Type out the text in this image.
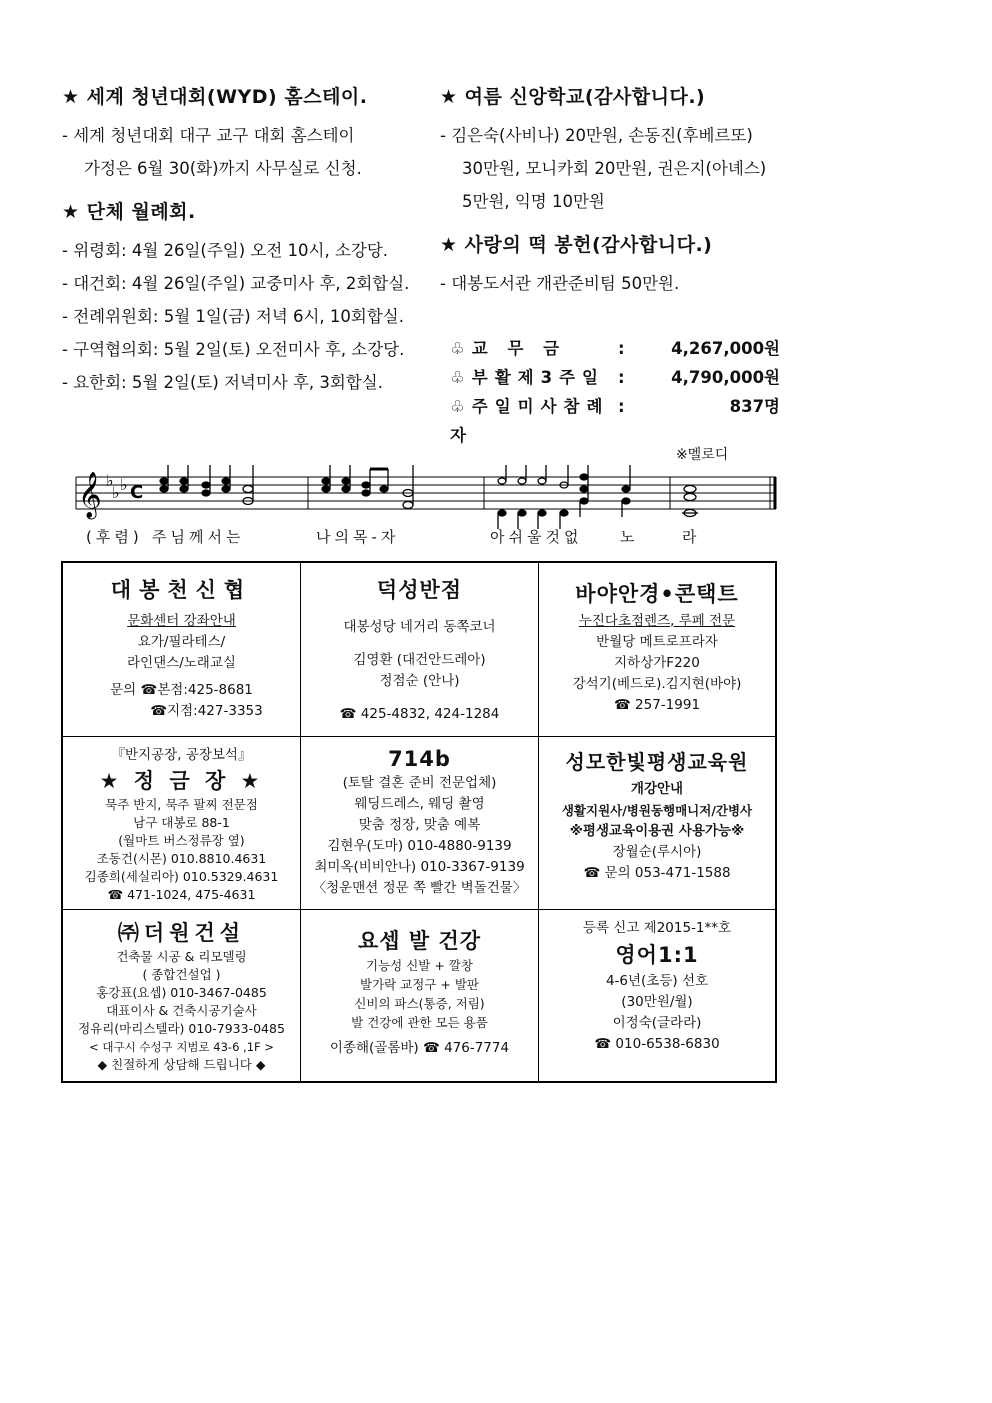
★ 세계 청년대회(WYD) 홈스테이.
- 세계 청년대회 대구 교구 대회 홈스테이
가정은 6월 30(화)까지 사무실로 신청.
★ 단체 월례회.
- 위령회: 4월 26일(주일) 오전 10시, 소강당.
- 대건회: 4월 26일(주일) 교중미사 후, 2회합실.
- 전례위원회: 5월 1일(금) 저녁 6시, 10회합실.
- 구역협의회: 5월 2일(토) 오전미사 후, 소강당.
- 요한회: 5월 2일(토) 저녁미사 후, 3회합실.
★ 여름 신앙학교(감사합니다.)
- 김은숙(사비나) 20만원, 손동진(후베르또)
30만원, 모니카회 20만원, 권은지(아녜스)
5만원, 익명 10만원
★ 사랑의 떡 봉헌(감사합니다.)
- 대봉도서관 개관준비팀 50만원.
♧교 무 금	:	4,267,000원
♧부활제3주일 :	4,790,000원
♧주일미사참례자
:	837명
※멜로디
𝄞 ♭
♭ ♭ C
(후렴) 주님께서는	나의목-자	아쉬울것없	노	라
대봉천신협
문화센터 강좌안내
요가/필라테스/
라인댄스/노래교실
문의 ☎본점:425-8681
☎지점:427-3353
덕성반점
대봉성당 네거리 동쪽코너
김영환 (대건안드레아)
정점순 (안나)
☎ 425-4832, 424-1284
바야안경•콘택트
누진다초점렌즈, 루페 전문
반월당 메트로프라자
지하상가F220
강석기(베드로).김지현(바야)
☎ 257-1991
『반지공장, 공장보석』
★ 정 금 장 ★
묵주 반지, 묵주 팔찌 전문점
남구 대봉로 88-1
(월마트 버스정류장 옆)
조동건(시몬) 010.8810.4631
김종희(세실리아) 010.5329.4631
☎ 471-1024, 475-4631
714b
(토탈 결혼 준비 전문업체)
웨딩드레스, 웨딩 촬영
맞춤 정장, 맞춤 예복
김현우(도마) 010-4880-9139
최미옥(비비안나) 010-3367-9139
〈청운맨션 정문 쪽 빨간 벽돌건물〉
성모한빛평생교육원
개강안내
생활지원사/병원동행매니저/간병사
※평생교육이용권 사용가능※
장월순(루시아)
☎ 문의 053-471-1588
㈜더원건설
건축물 시공 & 리모델링
( 종합건설업 )
홍강표(요셉) 010-3467-0485
대표이사 & 건축시공기술사
정유리(마리스텔라) 010-7933-0485
< 대구시 수성구 지범로 43-6 ,1F >
◆ 친절하게 상담해 드립니다 ◆
요셉 발 건강
기능성 신발 + 깔창
발가락 교정구 + 발판
신비의 파스(통증, 저림)
발 건강에 관한 모든 용품
이종해(골롬바) ☎ 476-7774
등록 신고 제2015-1**호
영어1:1
4-6년(초등) 선호
(30만원/월)
이정숙(글라라)
☎ 010-6538-6830
